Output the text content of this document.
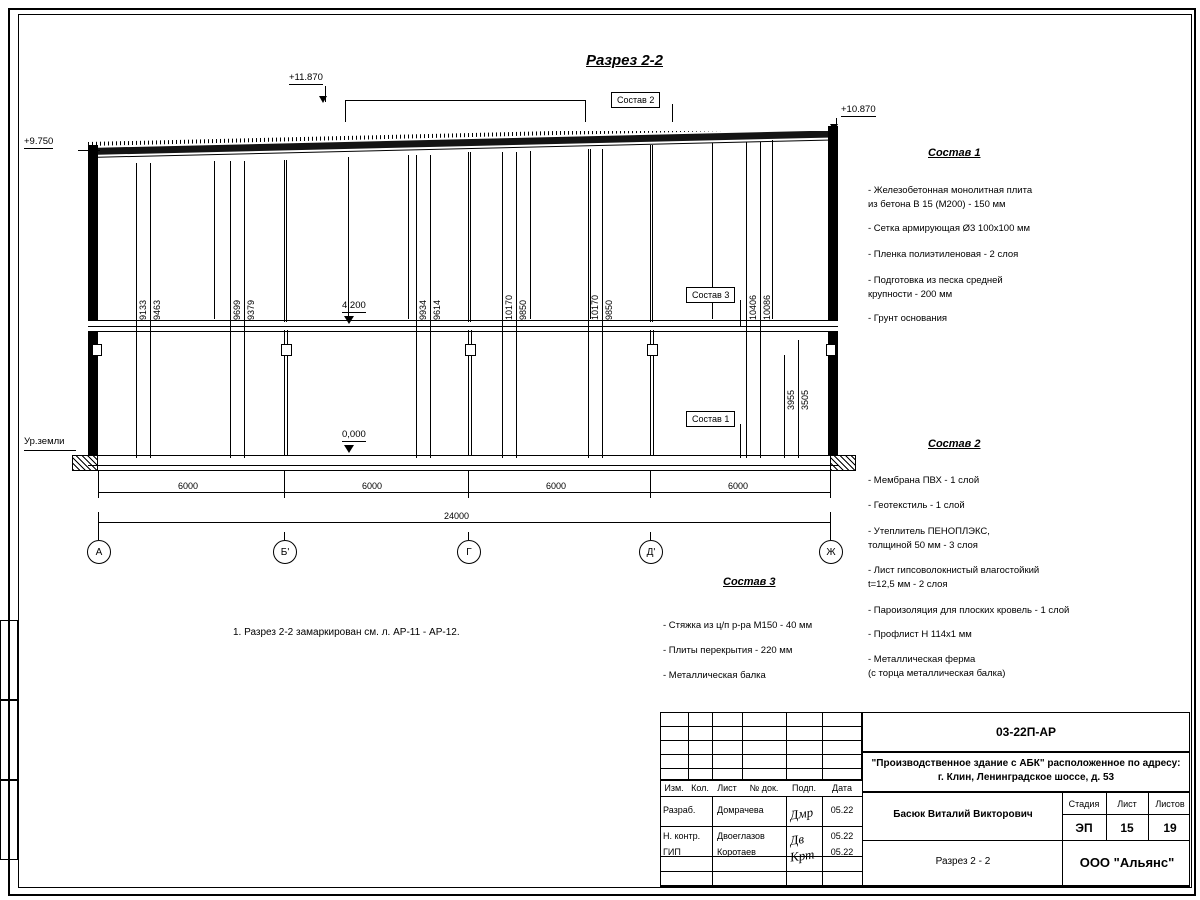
Разрез 2-2
+11.870
Состав 2
+10.870
+9.750
9133 9463	9699 9379	9934 9614	10170 9850	10170 9850	10406 10086
3955 3505
4,200
0,000
Ур.земли
Состав 3
Состав 1
6000	6000	6000	6000
24000
А	Б'	Г	Д'	Ж
1. Разрез 2-2 замаркирован см. л. АР-11 - АР-12.
Состав 1
- Железобетонная монолитная плита
из бетона В 15 (М200) - 150 мм
- Сетка армирующая Ø3 100х100 мм
- Пленка полиэтиленовая - 2 слоя
- Подготовка из песка средней
крупности - 200 мм
- Грунт основания
Состав 2
- Мембрана ПВХ - 1 слой
- Геотекстиль - 1 слой
- Утеплитель ПЕНОПЛЭКС,
толщиной 50 мм - 3 слоя
- Лист гипсоволокнистый влагостойкий
t=12,5 мм - 2 слоя
- Пароизоляция для плоских кровель - 1 слой
- Профлист Н 114х1 мм
- Металлическая ферма
(с торца металлическая балка)
Состав 3
- Стяжка из ц/п р-ра М150 - 40 мм
- Плиты перекрытия - 220 мм
- Металлическая балка
03-22П-АР
"Производственное здание с АБК" расположенное по адресу:
г. Клин, Ленинградское шоссе, д. 53
Изм. Кол. Лист	№ док.	Подп.	Дата
Разраб.	Домрачева	05.22
Дмр
Н. контр.	Двоеглазов	05.22
Дв
ГИП	Коротаев	05.22
Крт
Басюк Виталий Викторович
Разрез 2 - 2
Стадия	Лист	Листов
ЭП	15	19
ООО "Альянс"
